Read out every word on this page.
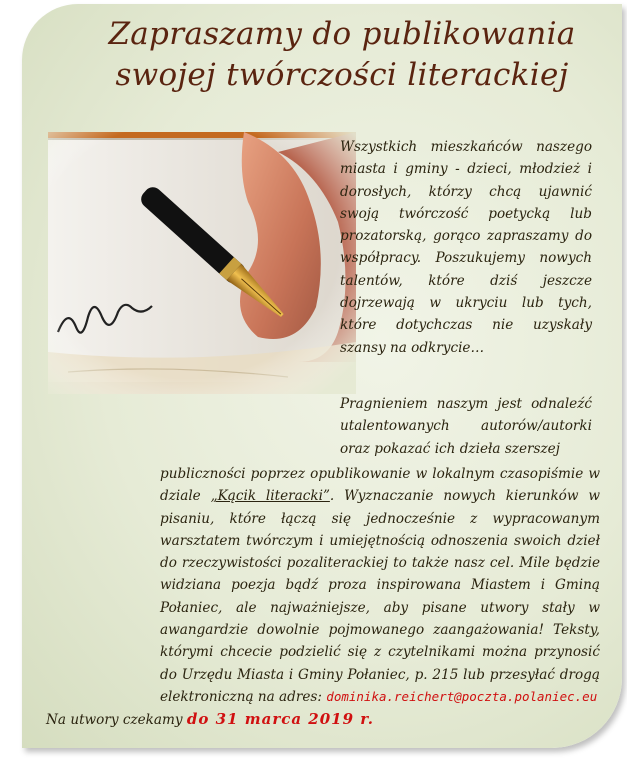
Zapraszamy do publikowania
swojej twórczości literackiej
Wszystkich mieszkańców naszego miasta i gminy - dzieci, młodzież i dorosłych, którzy chcą ujawnić swoją twórczość poetycką lub prozatorską, gorąco zapraszamy do współpracy. Poszukujemy nowych talentów, które dziś jeszcze dojrzewają w ukryciu lub tych, które dotychczas nie uzyskały szansy na odkrycie…
Pragnieniem naszym jest odnaleźć utalentowanych autorów/autorki oraz pokazać ich dzieła szerszej
publiczności poprzez opublikowanie w lokalnym czasopiśmie w dziale „Kącik literacki”. Wyznaczanie nowych kierunków w pisaniu, które łączą się jednocześnie z wypracowanym warsztatem twórczym i umiejętnością odnoszenia swoich dzieł do rzeczywistości pozaliterackiej to także nasz cel. Mile będzie widziana poezja bądź proza inspirowana Miastem i Gminą Połaniec, ale najważniejsze, aby pisane utwory stały w awangardzie dowolnie pojmowanego zaangażowania! Teksty, którymi chcecie podzielić się z czytelnikami można przynosić do Urzędu Miasta i Gminy Połaniec, p. 215 lub przesyłać drogą elektroniczną na adres: dominika.reichert@poczta.polaniec.eu
Na utwory czekamy do 31 marca 2019 r.
